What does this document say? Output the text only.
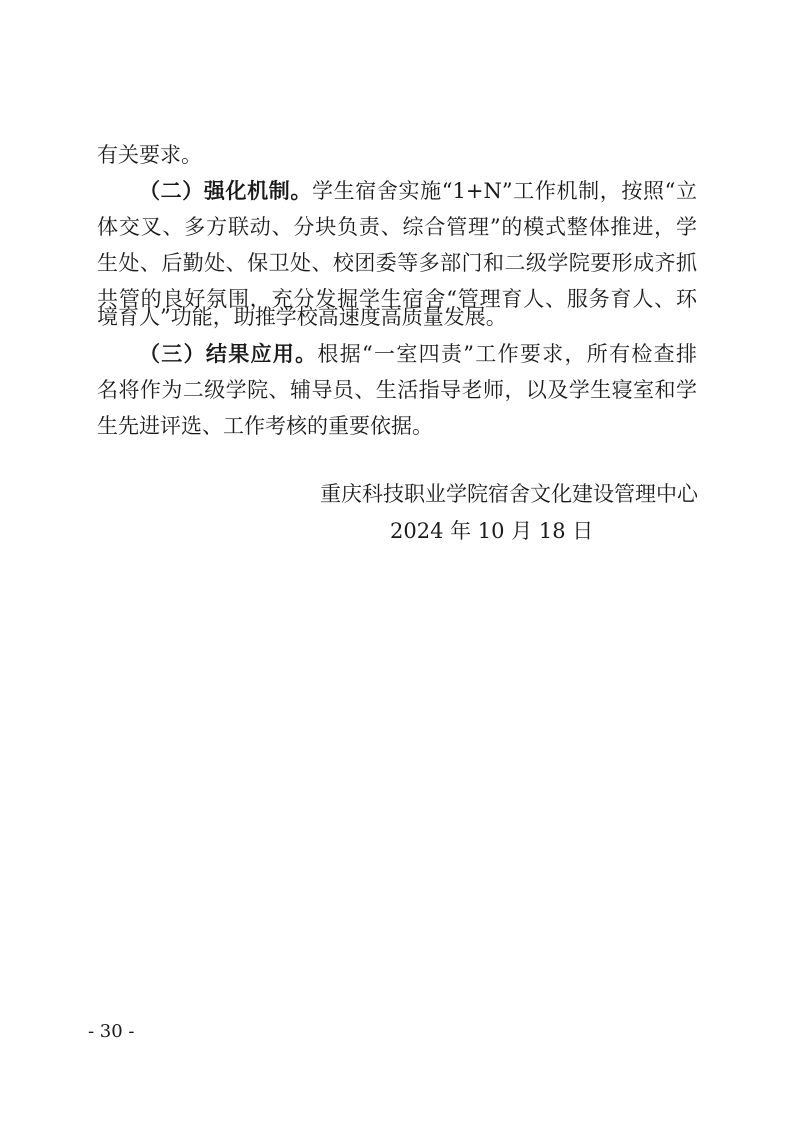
有关要求。
（二）强化机制。学生宿舍实施“1+N”工作机制，按照“立
体交叉、多方联动、分块负责、综合管理”的模式整体推进，学
生处、后勤处、保卫处、校团委等多部门和二级学院要形成齐抓
共管的良好氛围，充分发掘学生宿舍“管理育人、服务育人、环
境育人”功能，助推学校高速度高质量发展。
（三）结果应用。根据“一室四责”工作要求，所有检查排
名将作为二级学院、辅导员、生活指导老师，以及学生寝室和学
生先进评选、工作考核的重要依据。
重庆科技职业学院宿舍文化建设管理中心
2024 年 10 月 18 日
- 30 -
